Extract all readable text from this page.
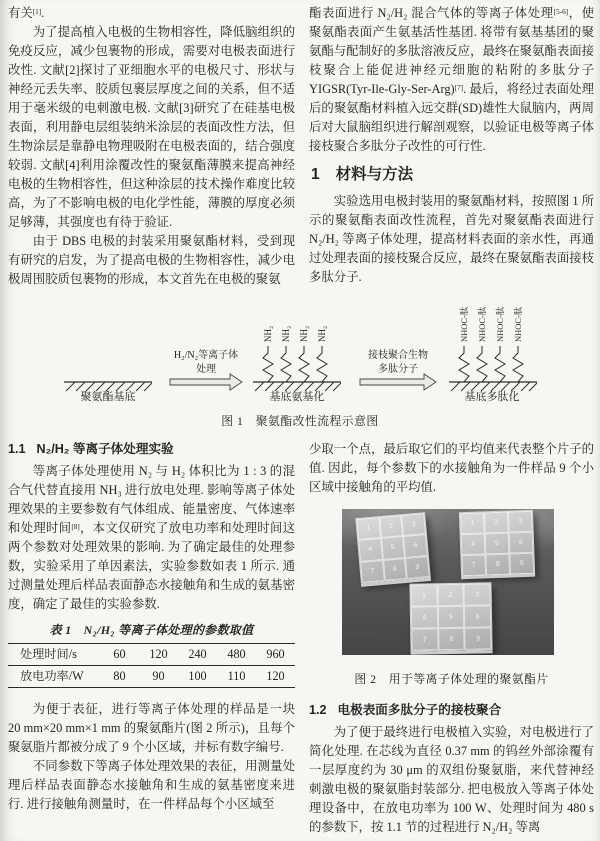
有关[1].

为了提高植入电极的生物相容性，降低脑组织的免疫反应，减少包裹物的形成，需要对电极表面进行改性. 文献[2]探讨了亚细胞水平的电极尺寸、形状与神经元丢失率、胶质包裹层厚度之间的关系，但不适用于毫米级的电刺激电极. 文献[3]研究了在硅基电极表面，利用静电层组装纳米涂层的表面改性方法，但生物涂层是靠静电物理吸附在电极表面的，结合强度较弱. 文献[4]利用涂覆改性的聚氨酯薄膜来提高神经电极的生物相容性，但这种涂层的技术操作难度比较高，为了不影响电极的电化学性能，薄膜的厚度必须足够薄，其强度也有待于验证.

由于 DBS 电极的封装采用聚氨酯材料，受到现有研究的启发，为了提高电极的生物相容性，减少电极周围胶质包裹物的形成，本文首先在电极的聚氨

酯表面进行 N₂/H₂ 混合气体的等离子体处理[5-6]，使聚氨酯表面产生氨基活性基团. 将带有氨基基团的聚氨酯与配制好的多肽溶液反应，最终在聚氨酯表面接枝聚合上能促进神经元细胞的粘附的多肽分子 YIGSR(Tyr-Ile-Gly-Ser-Arg)[7]. 最后，将经过表面处理后的聚氨酯材料植入远交群(SD)雄性大鼠脑内，两周后对大鼠脑组织进行解剖观察，以验证电极等离子体接枝聚合多肽分子改性的可行性.

1 材料与方法

实验选用电极封装用的聚氨酯材料，按照图 1 所示的聚氨酯表面改性流程，首先对聚氨酯表面进行 N₂/H₂ 等离子体处理，提高材料表面的亲水性，再通过处理表面的接枝聚合反应，最终在聚氨酯表面接枝多肽分子.

聚氨酯基底
H₂/N₂等离子体
处理
NH₂ NH₂ NH₂ NH₂
基底氨基化
接枝聚合生物
多肽分子
NHOC-肽 NHOC-肽 NHOC-肽 NHOC-肽
基底多肽化
图 1　聚氨酯改性流程示意图
1.1 N₂/H₂ 等离子体处理实验

等离子体处理使用 N₂ 与 H₂ 体积比为 1 : 3 的混合气代替直接用 NH₃ 进行放电处理. 影响等离子体处理效果的主要参数有气体组成、能量密度、气体速率和处理时间[8]，本文仅研究了放电功率和处理时间这两个参数对处理效果的影响. 为了确定最佳的处理参数，实验采用了单因素法，实验参数如表 1 所示. 通过测量处理后样品表面静态水接触角和生成的氨基密度，确定了最佳的实验参数.

表 1　N₂/H₂ 等离子体处理的参数取值
处理时间/s	60	120	240	480	960
放电功率/W	80	90	100	110	120

为便于表征，进行等离子体处理的样品是一块 20 mm×20 mm×1 mm 的聚氨酯片(图 2 所示)，且每个聚氨脂片都被分成了 9 个小区域，并标有数字编号.

不同参数下等离子体处理效果的表征，用测量处理后样品表面静态水接触角和生成的氨基密度来进行. 进行接触角测量时，在一件样品每个小区域至

少取一个点，最后取它们的平均值来代表整个片子的值. 因此，每个参数下的水接触角为一件样品 9 个小区域中接触角的平均值.

1	2	3
4	5	6
7	8	9
1	2	3
4	5	6
7	8	9
1	2	3
4	5	6
7	8	9
图 2　用于等离子体处理的聚氨酯片
1.2 电极表面多肽分子的接枝聚合

为了便于最终进行电极植入实验，对电极进行了简化处理. 在芯线为直径 0.37 mm 的钨丝外部涂覆有一层厚度约为 30 μm 的双组份聚氨脂，来代替神经刺激电极的聚氨脂封装部分. 把电极放入等离子体处理设备中，在放电功率为 100 W、处理时间为 480 s 的参数下，按 1.1 节的过程进行 N₂/H₂ 等离
